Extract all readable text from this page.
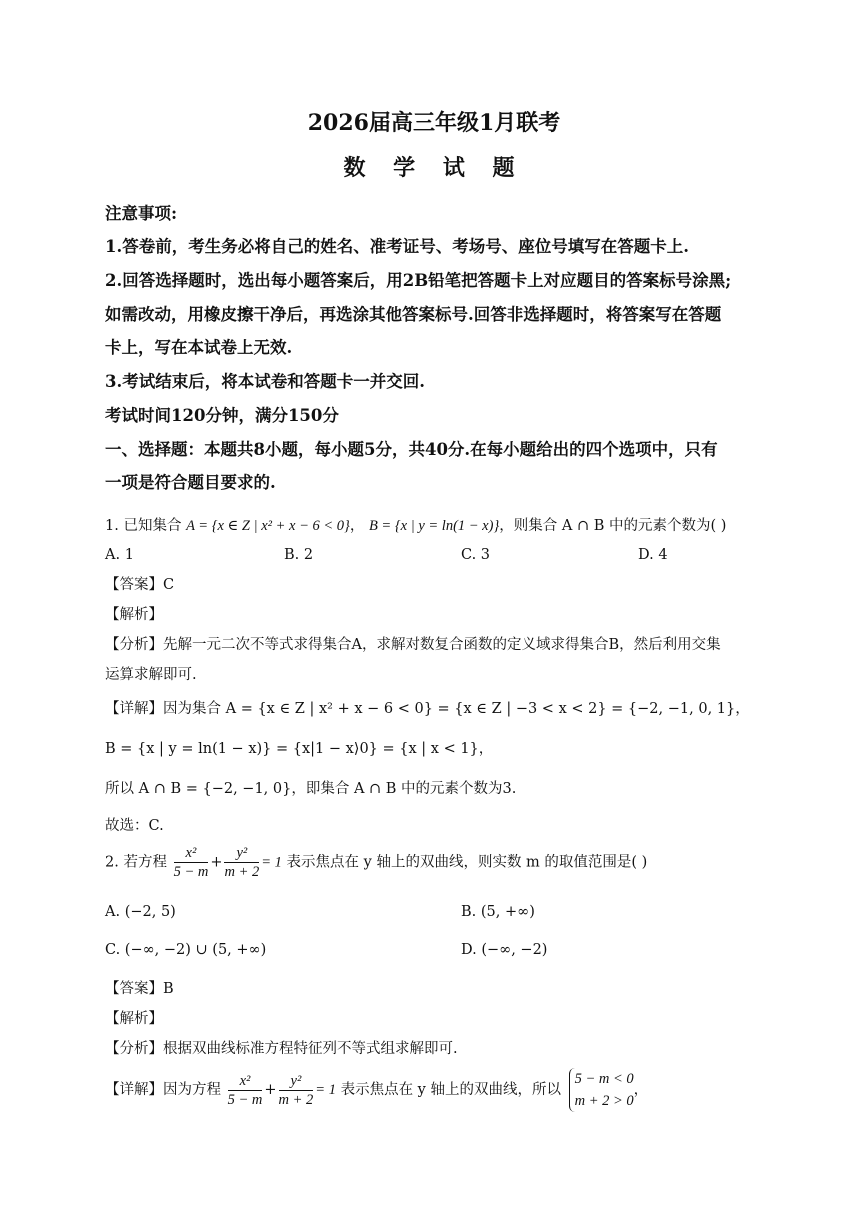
2026届高三年级1月联考
数 学 试 题
注意事项:
1.答卷前，考生务必将自己的姓名、准考证号、考场号、座位号填写在答题卡上.
2.回答选择题时，选出每小题答案后，用2B铅笔把答题卡上对应题目的答案标号涂黑;
如需改动，用橡皮擦干净后，再选涂其他答案标号.回答非选择题时，将答案写在答题
卡上，写在本试卷上无效.
3.考试结束后，将本试卷和答题卡一并交回.
考试时间120分钟，满分150分
一、选择题：本题共8小题，每小题5分，共40分.在每小题给出的四个选项中，只有
一项是符合题目要求的.
1. 已知集合 A = {x ∈ Z | x² + x − 6 < 0}， B = {x | y = ln(1 − x)}，则集合 A ∩ B 中的元素个数为( )
A. 1	B. 2	C. 3	D. 4
【答案】C
【解析】
【分析】先解一元二次不等式求得集合A，求解对数复合函数的定义域求得集合B，然后利用交集
运算求解即可.
【详解】因为集合 A = {x ∈ Z | x² + x − 6 < 0} = {x ∈ Z | −3 < x < 2} = {−2, −1, 0, 1}，
B = {x | y = ln(1 − x)} = {x|1 − x⟩0} = {x | x < 1}，
所以 A ∩ B = {−2, −1, 0}，即集合 A ∩ B 中的元素个数为3.
故选：C.
2. 若方程 $\frac{\text{x²}}{5 - m} + \frac{\text{y²}}{m + 2} = 1$ 表示焦点在 y 轴上的双曲线，则实数 m 的取值范围是( )
A. (−2, 5)	B. (5, +∞)
C. (−∞, −2) ∪ (5, +∞)	D. (−∞, −2)
【答案】B
【解析】
【分析】根据双曲线标准方程特征列不等式组求解即可.
【详解】因为方程 $\frac{\text{x²}}{5 - m} + \frac{\text{y²}}{m + 2} = 1$ 表示焦点在 y 轴上的双曲线，所以
5 − m < 0
m + 2 > 0
，
